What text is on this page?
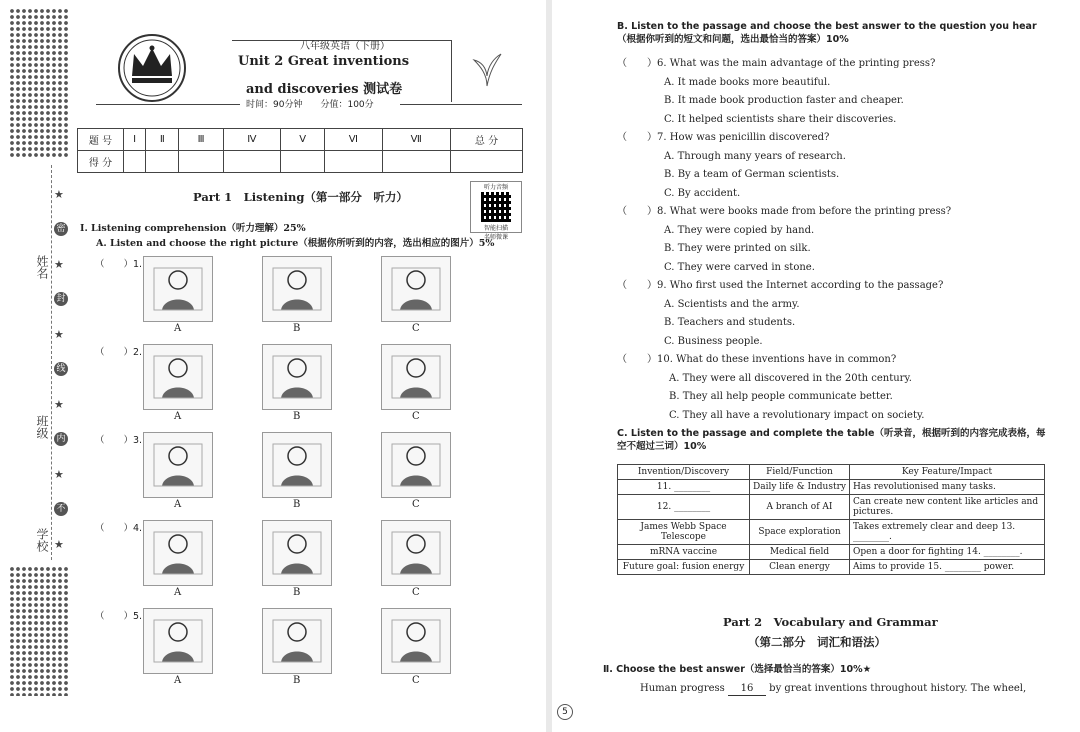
姓名
班级
学校
密
封
线
内
不
★
★
★
★
★
★
八年级英语（下册）
Unit 2 Great inventions
and discoveries 测试卷
时间：90分钟　　 分值：100分
题 号	Ⅰ	Ⅱ	Ⅲ	Ⅳ	Ⅴ	Ⅵ	Ⅶ	总 分
得 分								
Part 1　Listening（第一部分　听力）
听力音频
智能扫描
名师微课
Ⅰ. Listening comprehension（听力理解）25%
A. Listen and choose the right picture（根据你所听到的内容，选出相应的图片）5%
（　　）1.
A	B	C
（　　）2.
A	B	C
（　　）3.
A	B	C
（　　）4.
A	B	C
（　　）5.
A	B	C
B. Listen to the passage and choose the best answer to the question you hear（根据你听到的短文和问题，选出最恰当的答案）10%
（　　）6. What was the main advantage of the printing press?
A. It made books more beautiful.
B. It made book production faster and cheaper.
C. It helped scientists share their discoveries.
（　　）7. How was penicillin discovered?
A. Through many years of research.
B. By a team of German scientists.
C. By accident.
（　　）8. What were books made from before the printing press?
A. They were copied by hand.
B. They were printed on silk.
C. They were carved in stone.
（　　）9. Who first used the Internet according to the passage?
A. Scientists and the army.
B. Teachers and students.
C. Business people.
（　　）10. What do these inventions have in common?
A. They were all discovered in the 20th century.
B. They all help people communicate better.
C. They all have a revolutionary impact on society.
C. Listen to the passage and complete the table（听录音，根据听到的内容完成表格，每空不超过三词）10%
Invention/Discovery	Field/Function	Key Feature/Impact
11. ________	Daily life & Industry	Has revolutionised many tasks.
12. ________	A branch of AI	Can create new content like articles and pictures.
James Webb Space Telescope	Space exploration	Takes extremely clear and deep 13. ________.
mRNA vaccine	Medical field	Open a door for fighting 14. ________.
Future goal: fusion energy	Clean energy	Aims to provide 15. ________ power.
Part 2　Vocabulary and Grammar
（第二部分　词汇和语法）
Ⅱ. Choose the best answer（选择最恰当的答案）10%★
Human progress 16 by great inventions throughout history. The wheel,
5
